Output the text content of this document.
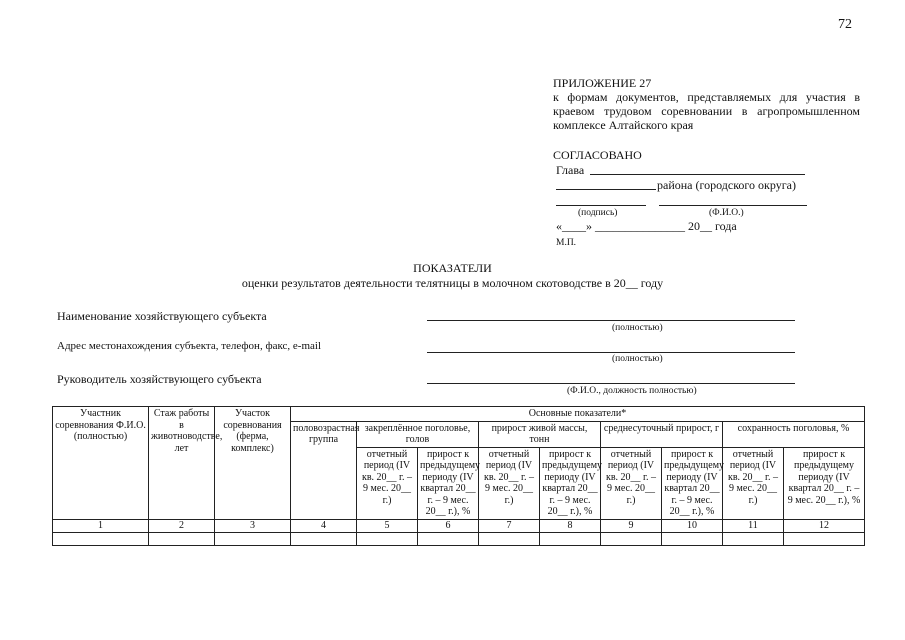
72
ПРИЛОЖЕНИЕ 27
к формам документов, представляемых для участия в краевом трудовом соревновании в агропромышленном комплексе Алтайского края
СОГЛАСОВАНО
Глава
района (городского округа)
(подпись)	(Ф.И.О.)
«____» _______________ 20__ года
М.П.
ПОКАЗАТЕЛИ
оценки результатов деятельности телятницы в молочном скотоводстве в 20__ году
Наименование хозяйствующего субъекта
(полностью)
Адрес местонахождения субъекта, телефон, факс, e-mail
(полностью)
Руководитель хозяйствующего субъекта
(Ф.И.О., должность полностью)
Участник соревнования Ф.И.О. (полностью)	Стаж работы в животноводстве, лет	Участок соревнования (ферма, комплекс)	Основные показатели*								
			половозрастная группа	закреплённое поголовье, голов		прирост живой массы, тонн		среднесуточный прирост, г		сохранность поголовья, %	
				отчетный период (IV кв. 20__ г. – 9 мес. 20__ г.)	прирост к предыдущему периоду (IV квартал 20__ г. – 9 мес. 20__ г.), %	отчетный период (IV кв. 20__ г. – 9 мес. 20__ г.)	прирост к предыдущему периоду (IV квартал 20__ г. – 9 мес. 20__ г.), %	отчетный период (IV кв. 20__ г. – 9 мес. 20__ г.)	прирост к предыдущему периоду (IV квартал 20__ г. – 9 мес. 20__ г.), %	отчетный период (IV кв. 20__ г. – 9 мес. 20__ г.)	прирост к предыдущему периоду (IV квартал 20__ г. – 9 мес. 20__ г.), %
1	2	3	4	5	6	7	8	9	10	11	12
